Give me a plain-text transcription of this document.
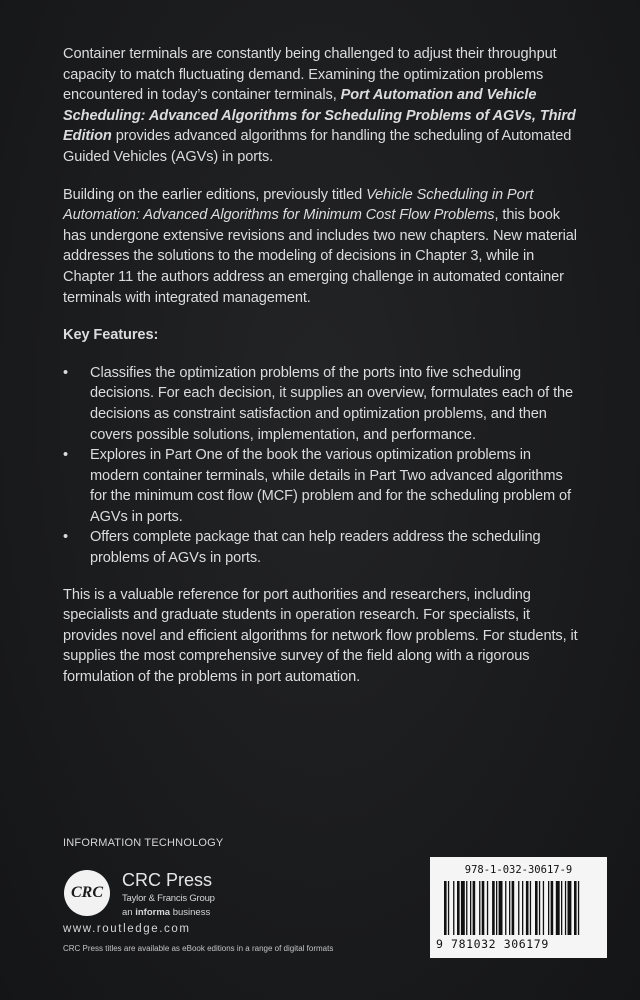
Container terminals are constantly being challenged to adjust their throughput capacity to match fluctuating demand. Examining the optimization problems encountered in today’s container terminals, Port Automation and Vehicle Scheduling: Advanced Algorithms for Scheduling Problems of AGVs, Third Edition provides advanced algorithms for handling the scheduling of Automated Guided Vehicles (AGVs) in ports.

Building on the earlier editions, previously titled Vehicle Scheduling in Port Automation: Advanced Algorithms for Minimum Cost Flow Problems, this book has undergone extensive revisions and includes two new chapters. New material addresses the solutions to the modeling of decisions in Chapter 3, while in Chapter 11 the authors address an emerging challenge in automated container terminals with integrated management.

Key Features:

• Classifies the optimization problems of the ports into five scheduling decisions. For each decision, it supplies an overview, formulates each of the decisions as constraint satisfaction and optimization problems, and then covers possible solutions, implementation, and performance.
• Explores in Part One of the book the various optimization problems in modern container terminals, while details in Part Two advanced algorithms for the minimum cost flow (MCF) problem and for the scheduling problem of AGVs in ports.
• Offers complete package that can help readers address the scheduling problems of AGVs in ports.

This is a valuable reference for port authorities and researchers, including specialists and graduate students in operation research. For specialists, it provides novel and efficient algorithms for network flow problems. For students, it supplies the most comprehensive survey of the field along with a rigorous formulation of the problems in port automation.

INFORMATION TECHNOLOGY
CRC
CRC Press
Taylor & Francis Group
an informa business
www.routledge.com
CRC Press titles are available as eBook editions in a range of digital formats
978-1-032-30617-9
9 781032 306179
